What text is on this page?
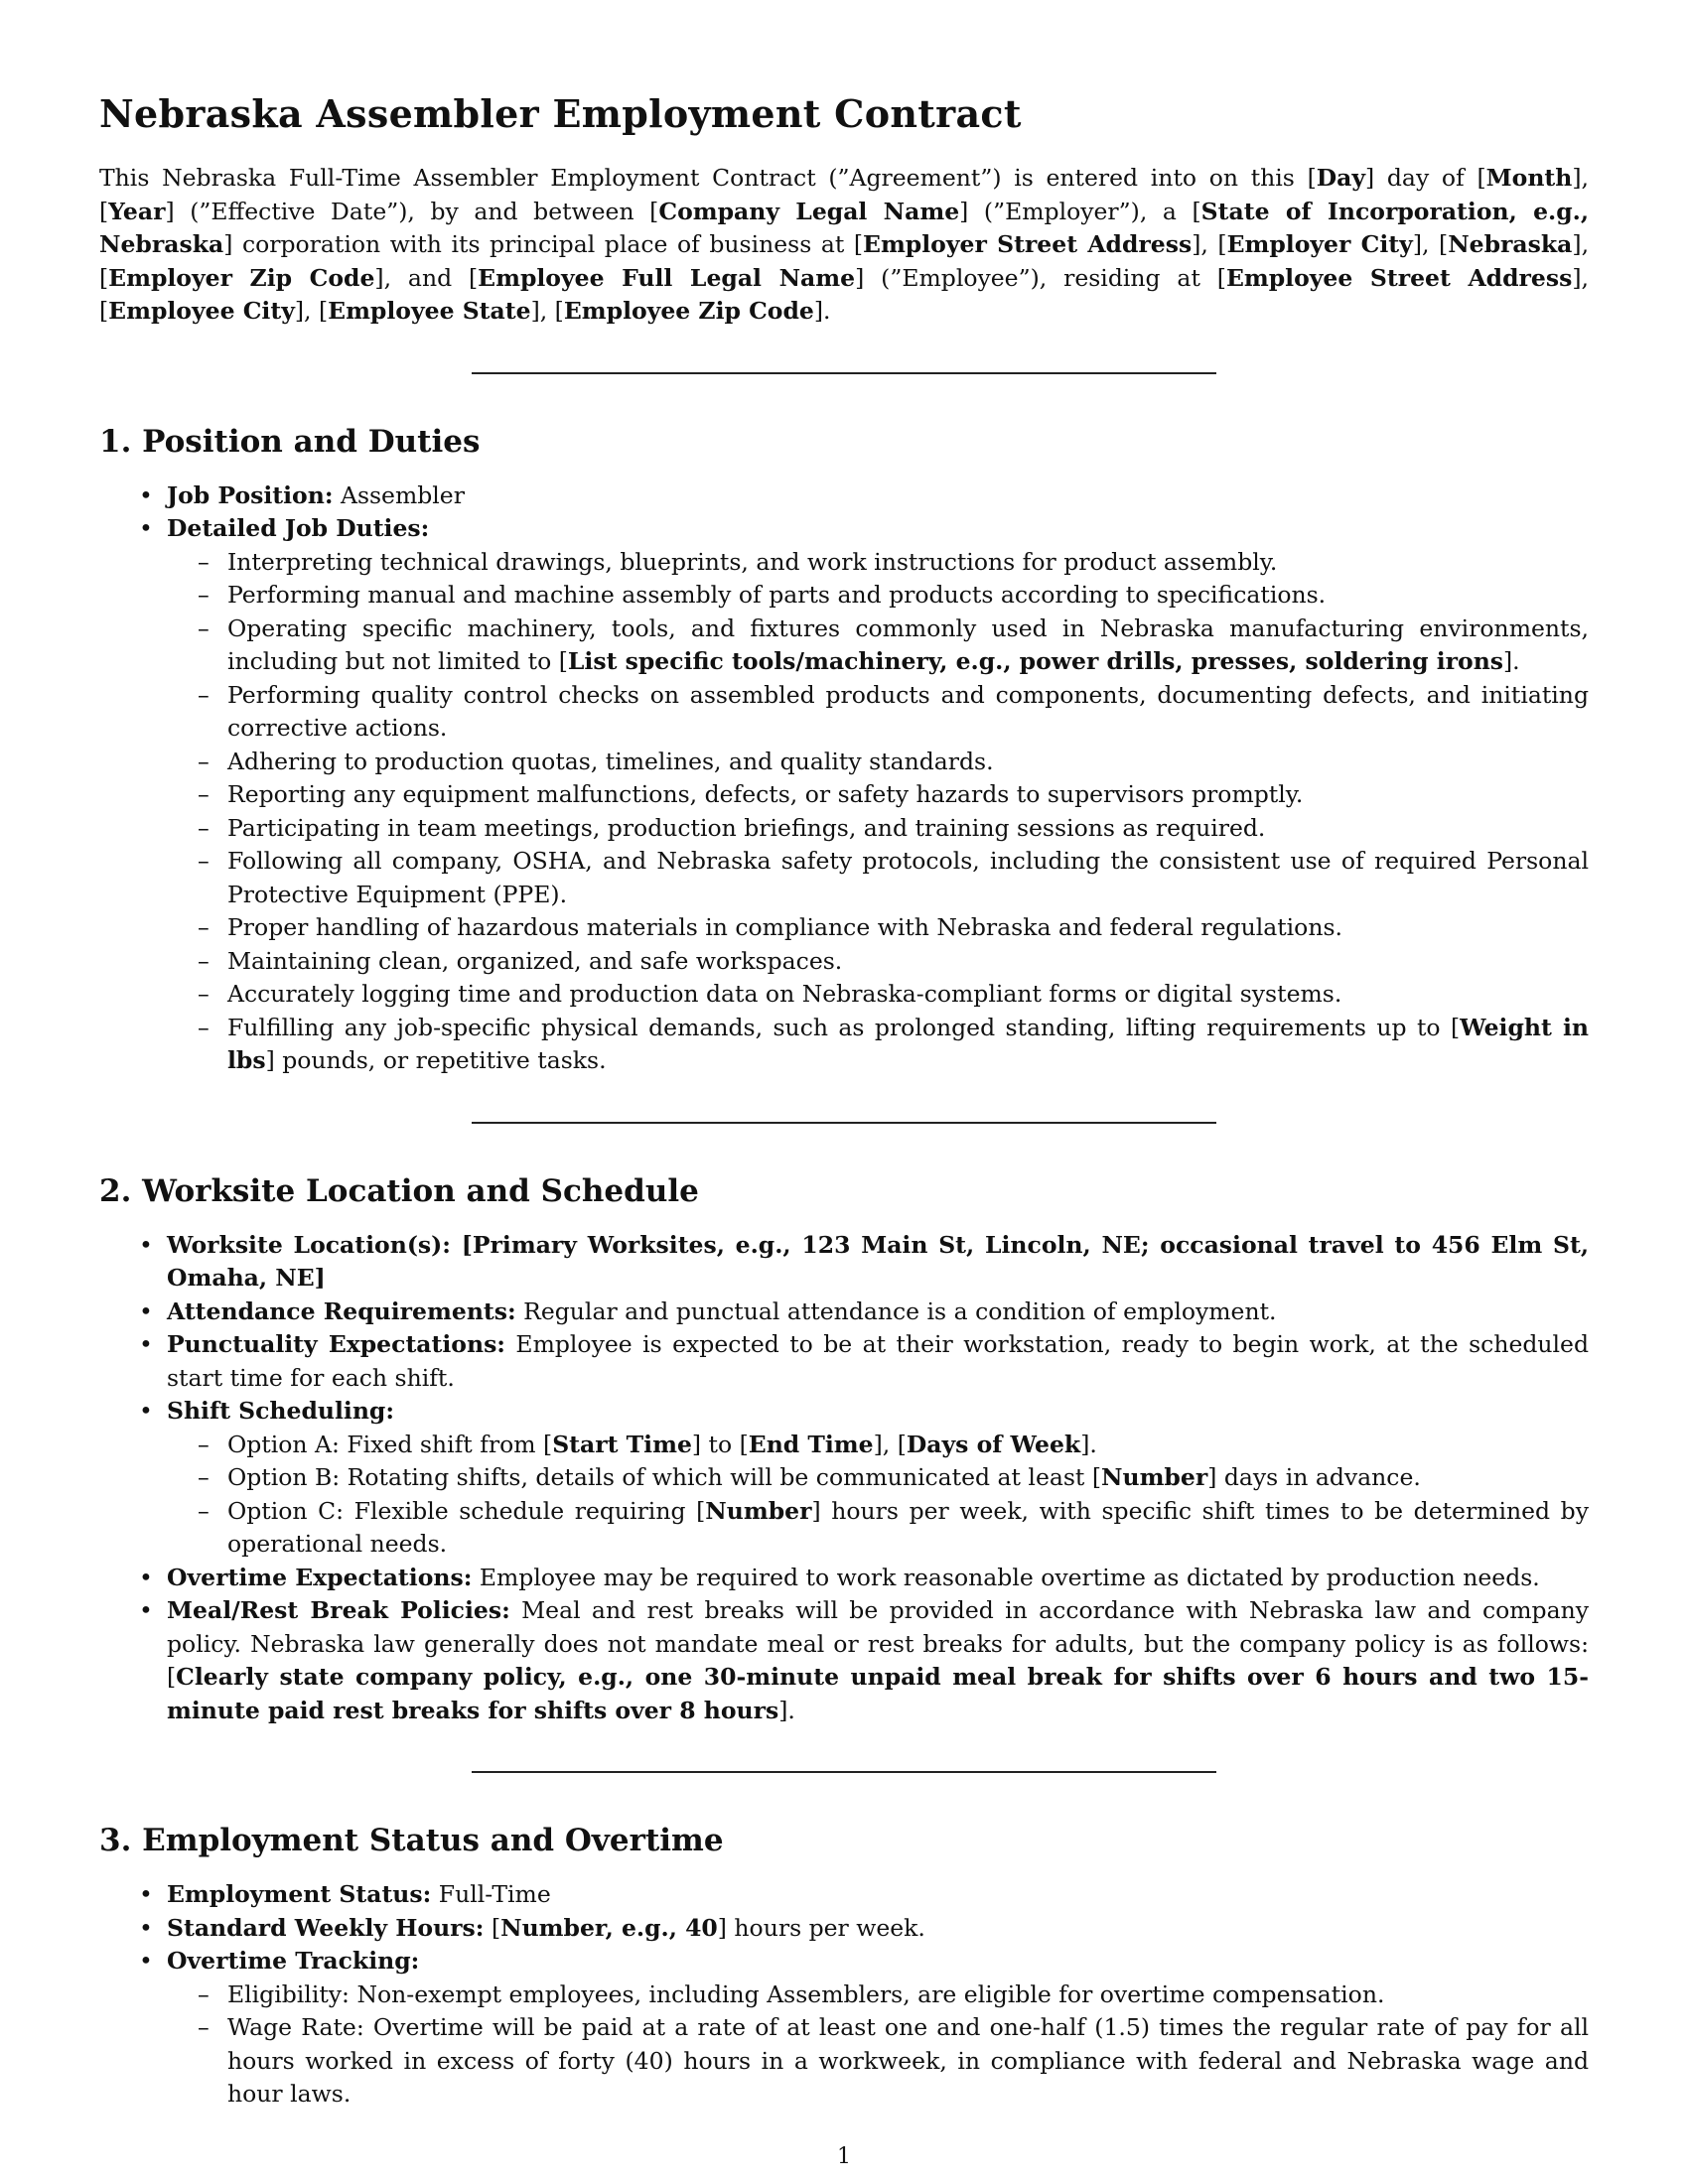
Nebraska Assembler Employment Contract

This Nebraska Full-Time Assembler Employment Contract (”Agreement”) is entered into on this [Day] day of [Month], [Year] (”Effective Date”), by and between [Company Legal Name] (”Employer”), a [State of Incorporation, e.g., Nebraska] corporation with its principal place of business at [Employer Street Address], [Employer City], [Nebraska], [Employer Zip Code], and [Employee Full Legal Name] (”Employee”), residing at [Employee Street Address], [Employee City], [Employee State], [Employee Zip Code].

1. Position and Duties
• Job Position: Assembler
• Detailed Job Duties:
– Interpreting technical drawings, blueprints, and work instructions for product assembly.
– Performing manual and machine assembly of parts and products according to specifications.
– Operating specific machinery, tools, and fixtures commonly used in Nebraska manufacturing environments, including but not limited to [List specific tools/machinery, e.g., power drills, presses, soldering irons].
– Performing quality control checks on assembled products and components, documenting defects, and initiating corrective actions.
– Adhering to production quotas, timelines, and quality standards.
– Reporting any equipment malfunctions, defects, or safety hazards to supervisors promptly.
– Participating in team meetings, production briefings, and training sessions as required.
– Following all company, OSHA, and Nebraska safety protocols, including the consistent use of required Personal Protective Equipment (PPE).
– Proper handling of hazardous materials in compliance with Nebraska and federal regulations.
– Maintaining clean, organized, and safe workspaces.
– Accurately logging time and production data on Nebraska-compliant forms or digital systems.
– Fulfilling any job-specific physical demands, such as prolonged standing, lifting requirements up to [Weight in lbs] pounds, or repetitive tasks.
2. Worksite Location and Schedule
• Worksite Location(s): [Primary Worksites, e.g., 123 Main St, Lincoln, NE; occasional travel to 456 Elm St, Omaha, NE]
• Attendance Requirements: Regular and punctual attendance is a condition of employment.
• Punctuality Expectations: Employee is expected to be at their workstation, ready to begin work, at the scheduled start time for each shift.
• Shift Scheduling:
– Option A: Fixed shift from [Start Time] to [End Time], [Days of Week].
– Option B: Rotating shifts, details of which will be communicated at least [Number] days in advance.
– Option C: Flexible schedule requiring [Number] hours per week, with specific shift times to be determined by operational needs.
• Overtime Expectations: Employee may be required to work reasonable overtime as dictated by production needs.
• Meal/Rest Break Policies: Meal and rest breaks will be provided in accordance with Nebraska law and company policy. Nebraska law generally does not mandate meal or rest breaks for adults, but the company policy is as follows: [Clearly state company policy, e.g., one 30-minute unpaid meal break for shifts over 6 hours and two 15-minute paid rest breaks for shifts over 8 hours].
3. Employment Status and Overtime
• Employment Status: Full-Time
• Standard Weekly Hours: [Number, e.g., 40] hours per week.
• Overtime Tracking:
– Eligibility: Non-exempt employees, including Assemblers, are eligible for overtime compensation.
– Wage Rate: Overtime will be paid at a rate of at least one and one-half (1.5) times the regular rate of pay for all hours worked in excess of forty (40) hours in a workweek, in compliance with federal and Nebraska wage and hour laws.
1
